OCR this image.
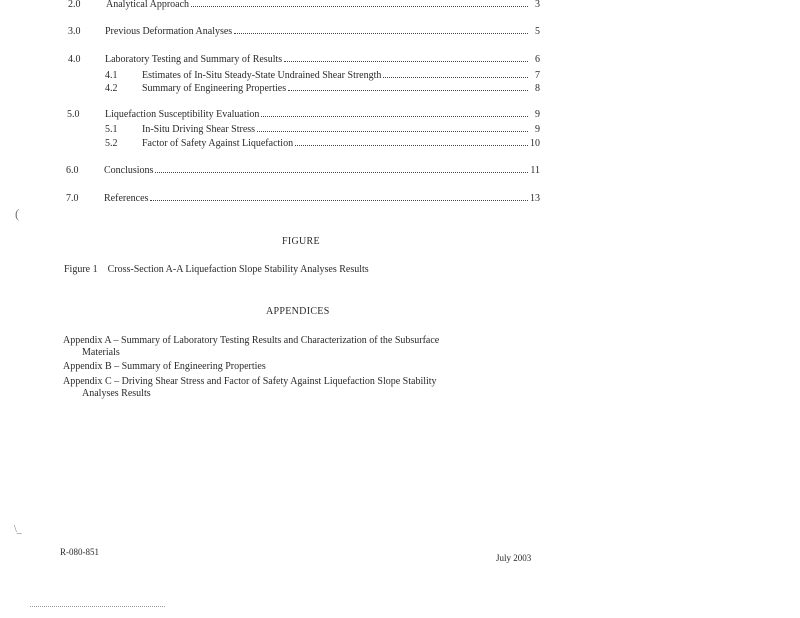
2.0	Analytical Approach	3
3.0	Previous Deformation Analyses	5
4.0	Laboratory Testing and Summary of Results	6
4.1	Estimates of In-Situ Steady-State Undrained Shear Strength	7
4.2	Summary of Engineering Properties	8
5.0	Liquefaction Susceptibility Evaluation	9
5.1	In-Situ Driving Shear Stress	9
5.2	Factor of Safety Against Liquefaction	10
6.0	Conclusions	11
7.0	References	13
(
\_
FIGURE
Figure 1    Cross-Section A-A Liquefaction Slope Stability Analyses Results
APPENDICES
Appendix A – Summary of Laboratory Testing Results and Characterization of the Subsurface
Materials
Appendix B – Summary of Engineering Properties
Appendix C – Driving Shear Stress and Factor of Safety Against Liquefaction Slope Stability
Analyses Results
R-080-851
July 2003
